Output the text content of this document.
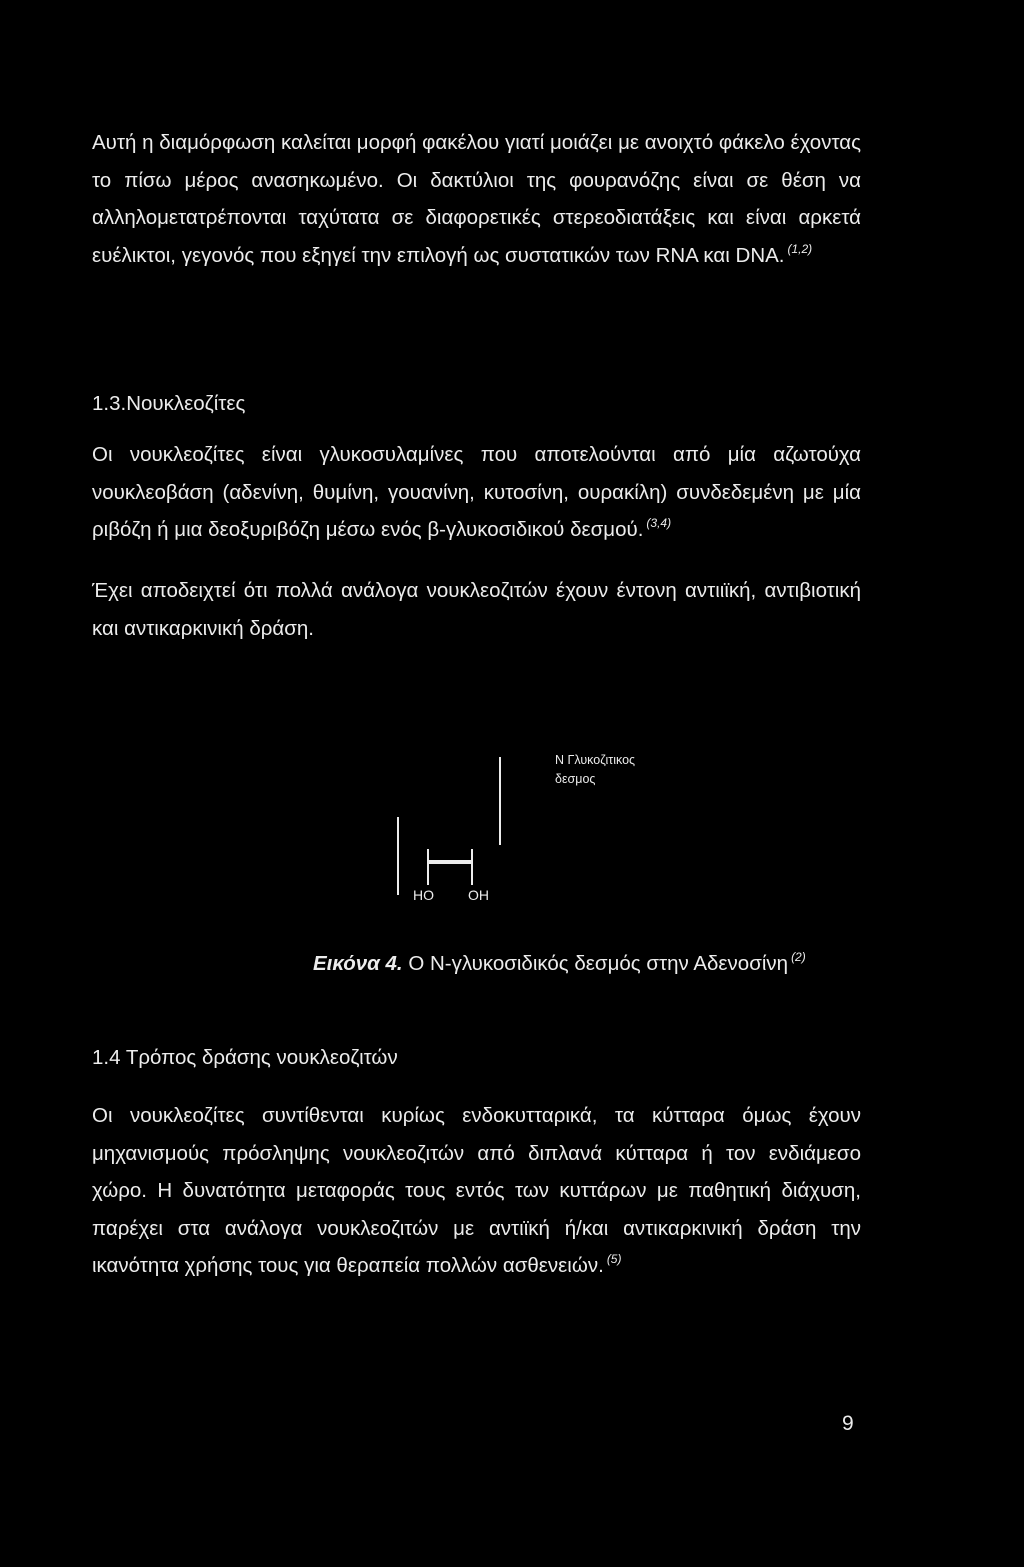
Αυτή η διαμόρφωση καλείται μορφή φακέλου γιατί μοιάζει με ανοιχτό φάκελο έχοντας το πίσω μέρος ανασηκωμένο. Οι δακτύλιοι της φουρανόζης είναι σε θέση να αλληλομετατρέπονται ταχύτατα σε διαφορετικές στερεοδιατάξεις και είναι αρκετά ευέλικτοι, γεγονός που εξηγεί την επιλογή ως συστατικών των RNA και DNA. $^{(1,2)}$

1.3.Νουκλεοζίτες

Οι νουκλεοζίτες είναι γλυκοσυλαμίνες που αποτελούνται από μία αζωτούχα νουκλεοβάση (αδενίνη, θυμίνη, γουανίνη, κυτοσίνη, ουρακίλη) συνδεδεμένη με μία ριβόζη ή μια δεοξυριβόζη μέσω ενός β-γλυκοσιδικού δεσμού. $^{(3,4)}$

Έχει αποδειχτεί ότι πολλά ανάλογα νουκλεοζιτών έχουν έντονη αντιιϊκή, αντιβιοτική και αντικαρκινική δράση.

Ν Γλυκοζιτικος
δεσμος
HO OH
Εικόνα 4. Ο Ν-γλυκοσιδικός δεσμός στην Αδενοσίνη $^{(2)}$

1.4 Τρόπος δράσης νουκλεοζιτών

Οι νουκλεοζίτες συντίθενται κυρίως ενδοκυτταρικά, τα κύτταρα όμως έχουν μηχανισμούς πρόσληψης νουκλεοζιτών από διπλανά κύτταρα ή τον ενδιάμεσο χώρο. Η δυνατότητα μεταφοράς τους εντός των κυττάρων με παθητική διάχυση, παρέχει στα ανάλογα νουκλεοζιτών με αντιϊκή ή/και αντικαρκινική δράση την ικανότητα χρήσης τους για θεραπεία πολλών ασθενειών. $^{(5)}$

9
